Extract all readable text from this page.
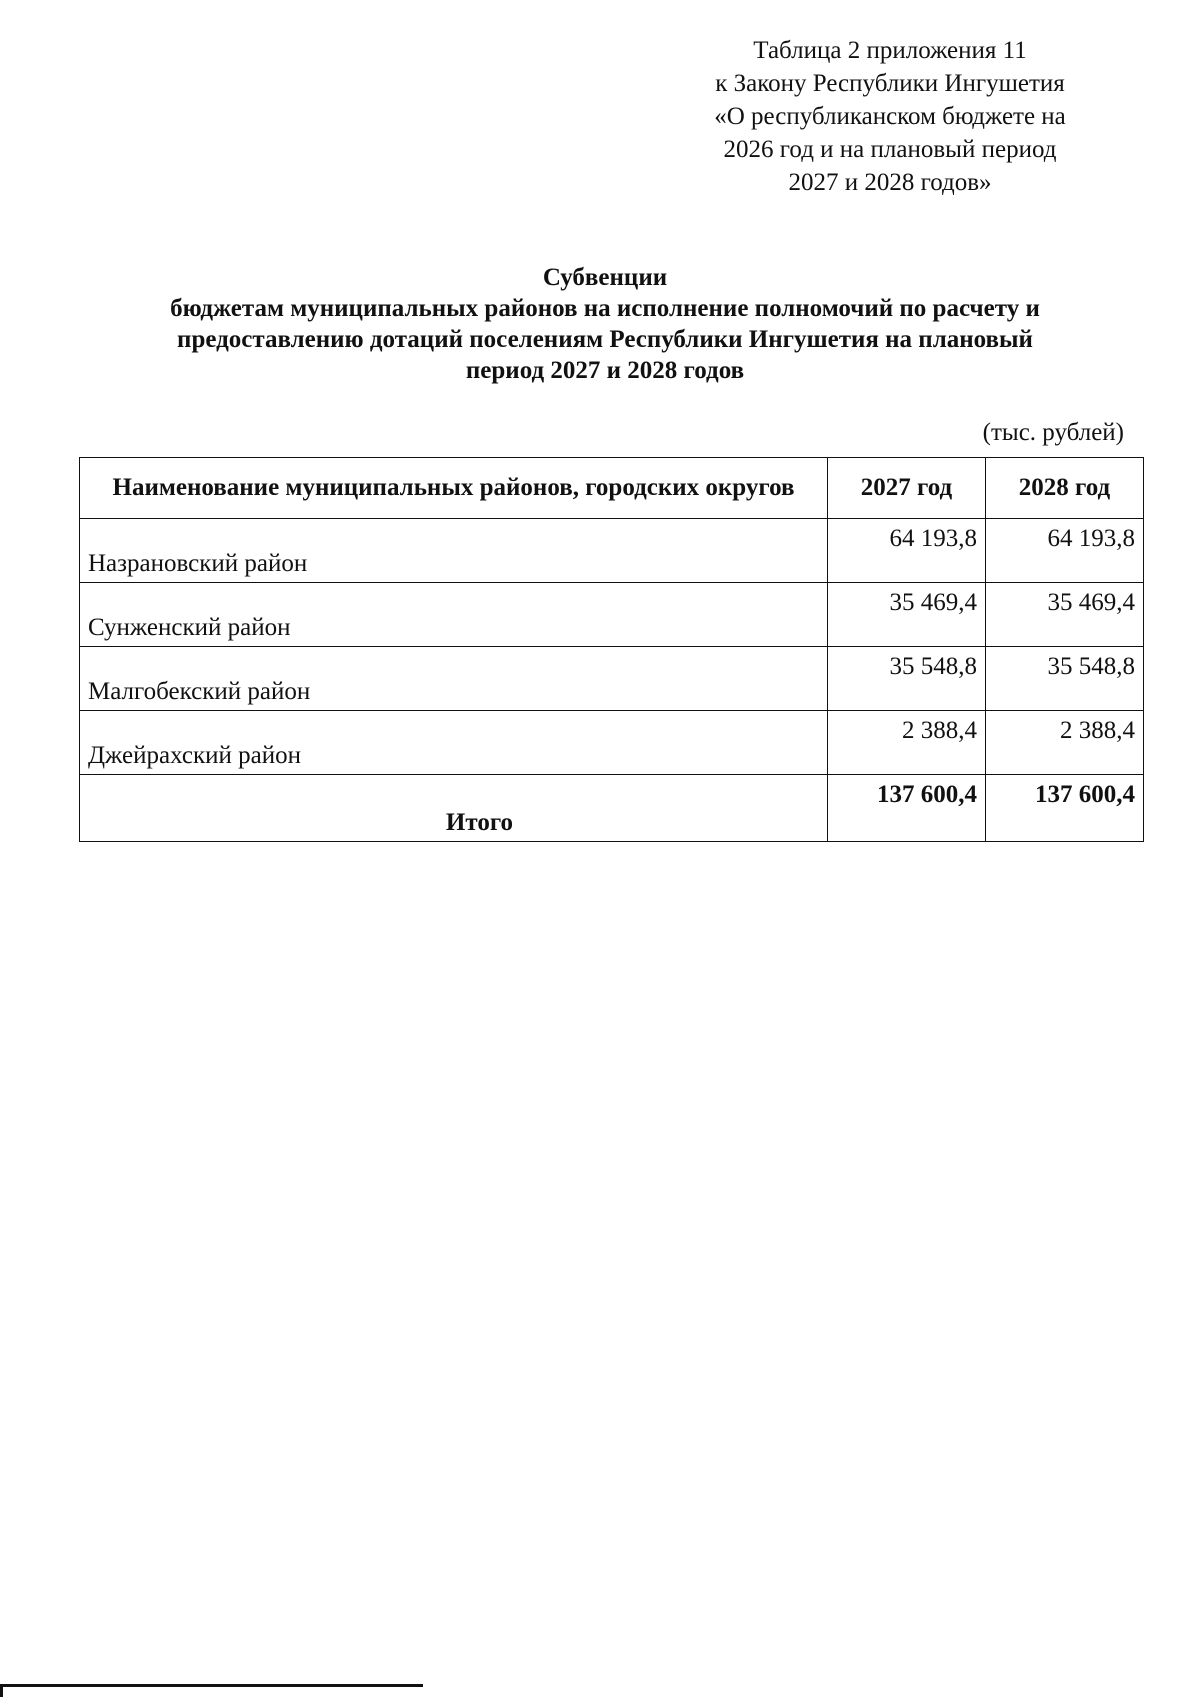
Таблица 2 приложения 11
к Закону Республики Ингушетия
«О республиканском бюджете на
2026 год и на плановый период
2027 и 2028 годов»
Субвенции
бюджетам муниципальных районов на исполнение полномочий по расчету и
предоставлению дотаций поселениям Республики Ингушетия на плановый
период 2027 и 2028 годов
(тыс. рублей)
Наименование муниципальных районов, городских округов	2027 год	2028 год
Назрановский район	64 193,8	64 193,8
Сунженский район	35 469,4	35 469,4
Малгобекский район	35 548,8	35 548,8
Джейрахский район	2 388,4	2 388,4
Итого	137 600,4	137 600,4
